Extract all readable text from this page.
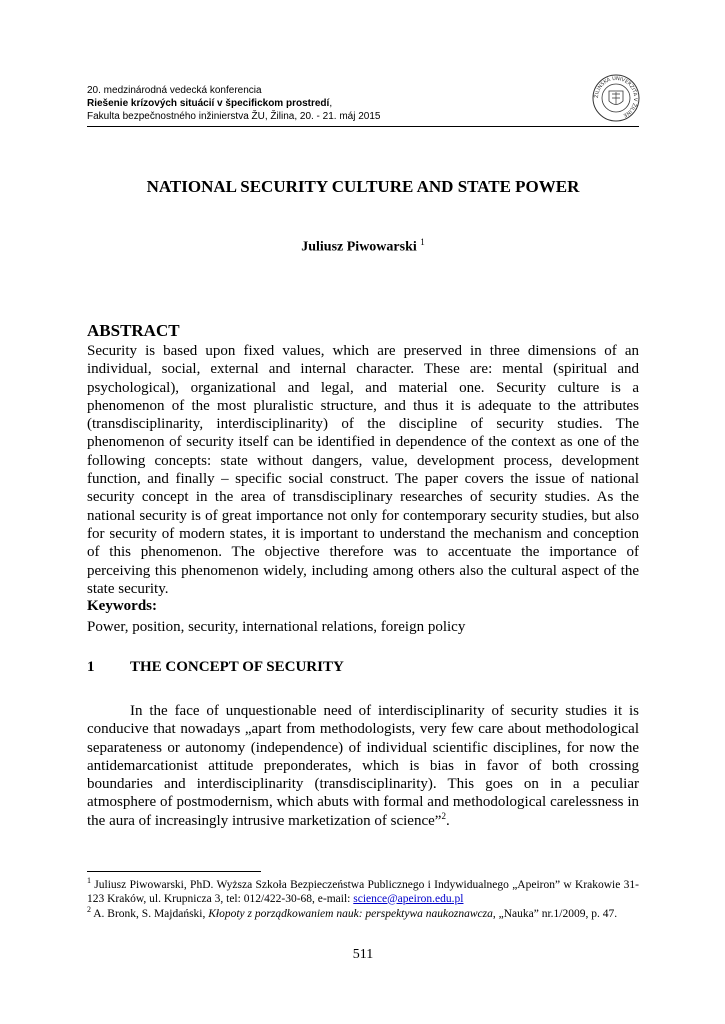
20. medzinárodná vedecká konferencia
Riešenie krízových situácií v špecifickom prostredí,
Fakulta bezpečnostného inžinierstva ŽU, Žilina, 20. - 21. máj 2015
ŽILINSKÁ UNIVERZITA V ŽILINE
NATIONAL SECURITY CULTURE AND STATE POWER
Juliusz Piwowarski $^1$
ABSTRACT
Security is based upon fixed values, which are preserved in three dimensions of an individual, social, external and internal character. These are: mental (spiritual and psychological), organizational and legal, and material one. Security culture is a phenomenon of the most pluralistic structure, and thus it is adequate to the attributes (transdisciplinarity, interdisciplinarity) of the discipline of security studies. The phenomenon of security itself can be identified in dependence of the context as one of the following concepts: state without dangers, value, development process, development function, and finally – specific social construct. The paper covers the issue of national security concept in the area of transdisciplinary researches of security studies. As the national security is of great importance not only for contemporary security studies, but also for security of modern states, it is important to understand the mechanism and conception of this phenomenon. The objective therefore was to accentuate the importance of perceiving this phenomenon widely, including among others also the cultural aspect of the state security.
Keywords:
Power, position, security, international relations, foreign policy
1 THE CONCEPT OF SECURITY
In the face of unquestionable need of interdisciplinarity of security studies it is conducive that nowadays „apart from methodologists, very few care about methodological separateness or autonomy (independence) of individual scientific disciplines, for now the antidemarcationist attitude preponderates, which is bias in favor of both crossing boundaries and interdisciplinarity (transdisciplinarity). This goes on in a peculiar atmosphere of postmodernism, which abuts with formal and methodological carelessness in the aura of increasingly intrusive marketization of science”$^2$.
$^1$ Juliusz Piwowarski, PhD. Wyższa Szkoła Bezpieczeństwa Publicznego i Indywidualnego „Apeiron” w Krakowie 31-123 Kraków, ul. Krupnicza 3, tel: 012/422-30-68, e-mail: science@apeiron.edu.pl
$^2$ A. Bronk, S. Majdański, Kłopoty z porządkowaniem nauk: perspektywa naukoznawcza, „Nauka” nr.1/2009, p. 47.
511
